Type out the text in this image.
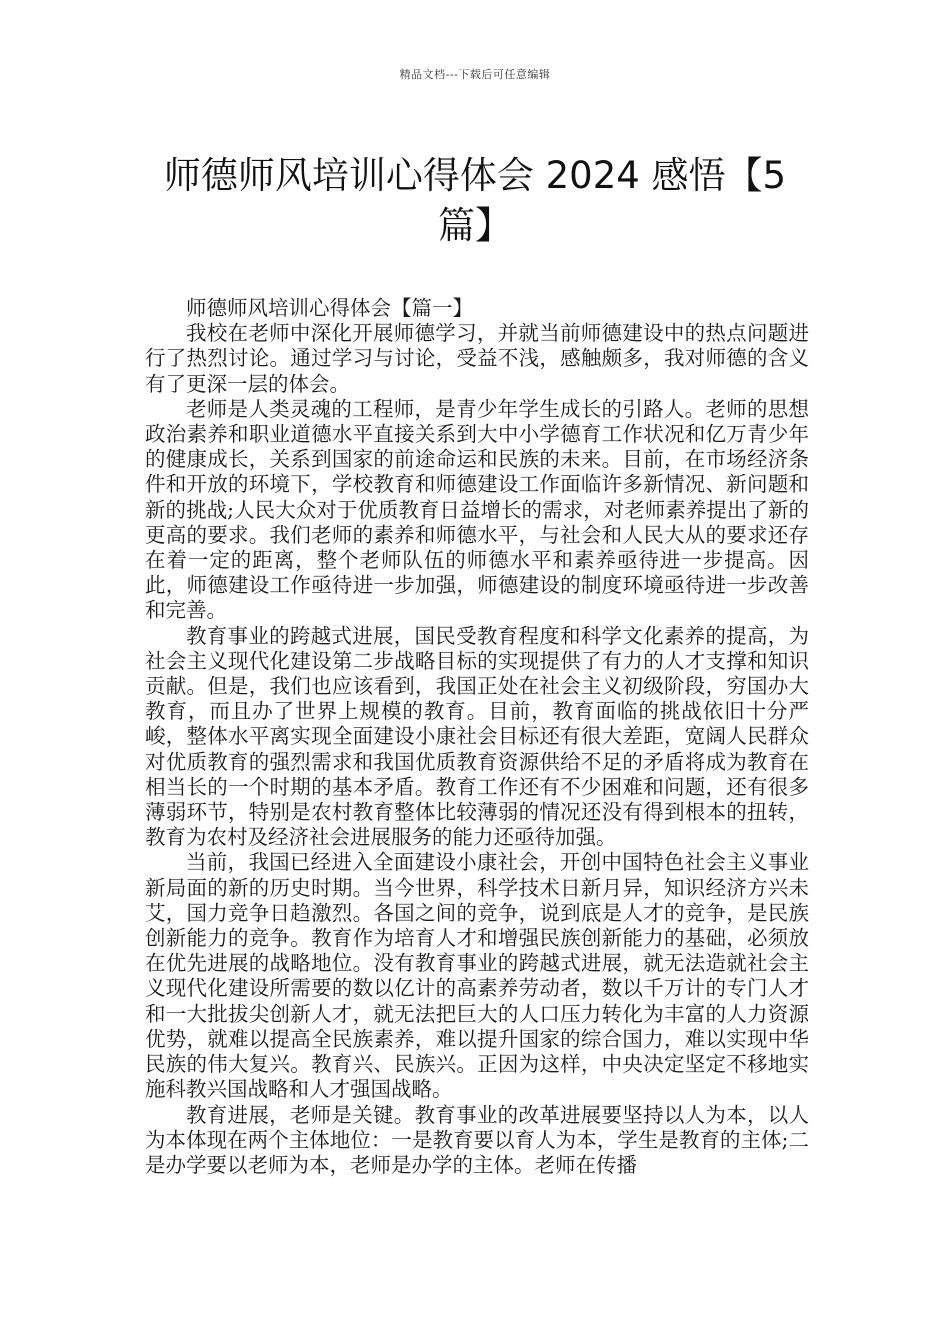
精品文档---下载后可任意编辑
师德师风培训心得体会 2024 感悟【5篇】

师德师风培训心得体会【篇一】

我校在老师中深化开展师德学习，并就当前师德建设中的热点问题进行了热烈讨论。通过学习与讨论，受益不浅，感触颇多，我对师德的含义有了更深一层的体会。

老师是人类灵魂的工程师，是青少年学生成长的引路人。老师的思想政治素养和职业道德水平直接关系到大中小学德育工作状况和亿万青少年的健康成长，关系到国家的前途命运和民族的未来。目前，在市场经济条件和开放的环境下，学校教育和师德建设工作面临许多新情况、新问题和新的挑战;人民大众对于优质教育日益增长的需求，对老师素养提出了新的更高的要求。我们老师的素养和师德水平，与社会和人民大从的要求还存在着一定的距离，整个老师队伍的师德水平和素养亟待进一步提高。因此，师德建设工作亟待进一步加强，师德建设的制度环境亟待进一步改善和完善。

教育事业的跨越式进展，国民受教育程度和科学文化素养的提高，为社会主义现代化建设第二步战略目标的实现提供了有力的人才支撑和知识贡献。但是，我们也应该看到，我国正处在社会主义初级阶段，穷国办大教育，而且办了世界上规模的教育。目前，教育面临的挑战依旧十分严峻，整体水平离实现全面建设小康社会目标还有很大差距，宽阔人民群众对优质教育的强烈需求和我国优质教育资源供给不足的矛盾将成为教育在相当长的一个时期的基本矛盾。教育工作还有不少困难和问题，还有很多薄弱环节，特别是农村教育整体比较薄弱的情况还没有得到根本的扭转，教育为农村及经济社会进展服务的能力还亟待加强。

当前，我国已经进入全面建设小康社会，开创中国特色社会主义事业新局面的新的历史时期。当今世界，科学技术日新月异，知识经济方兴未艾，国力竞争日趋激烈。各国之间的竞争，说到底是人才的竞争，是民族创新能力的竞争。教育作为培育人才和增强民族创新能力的基础，必须放在优先进展的战略地位。没有教育事业的跨越式进展，就无法造就社会主义现代化建设所需要的数以亿计的高素养劳动者，数以千万计的专门人才和一大批拔尖创新人才，就无法把巨大的人口压力转化为丰富的人力资源优势，就难以提高全民族素养，难以提升国家的综合国力，难以实现中华民族的伟大复兴。教育兴、民族兴。正因为这样，中央决定坚定不移地实施科教兴国战略和人才强国战略。

教育进展，老师是关键。教育事业的改革进展要坚持以人为本，以人为本体现在两个主体地位：一是教育要以育人为本，学生是教育的主体;二是办学要以老师为本，老师是办学的主体。老师在传播
